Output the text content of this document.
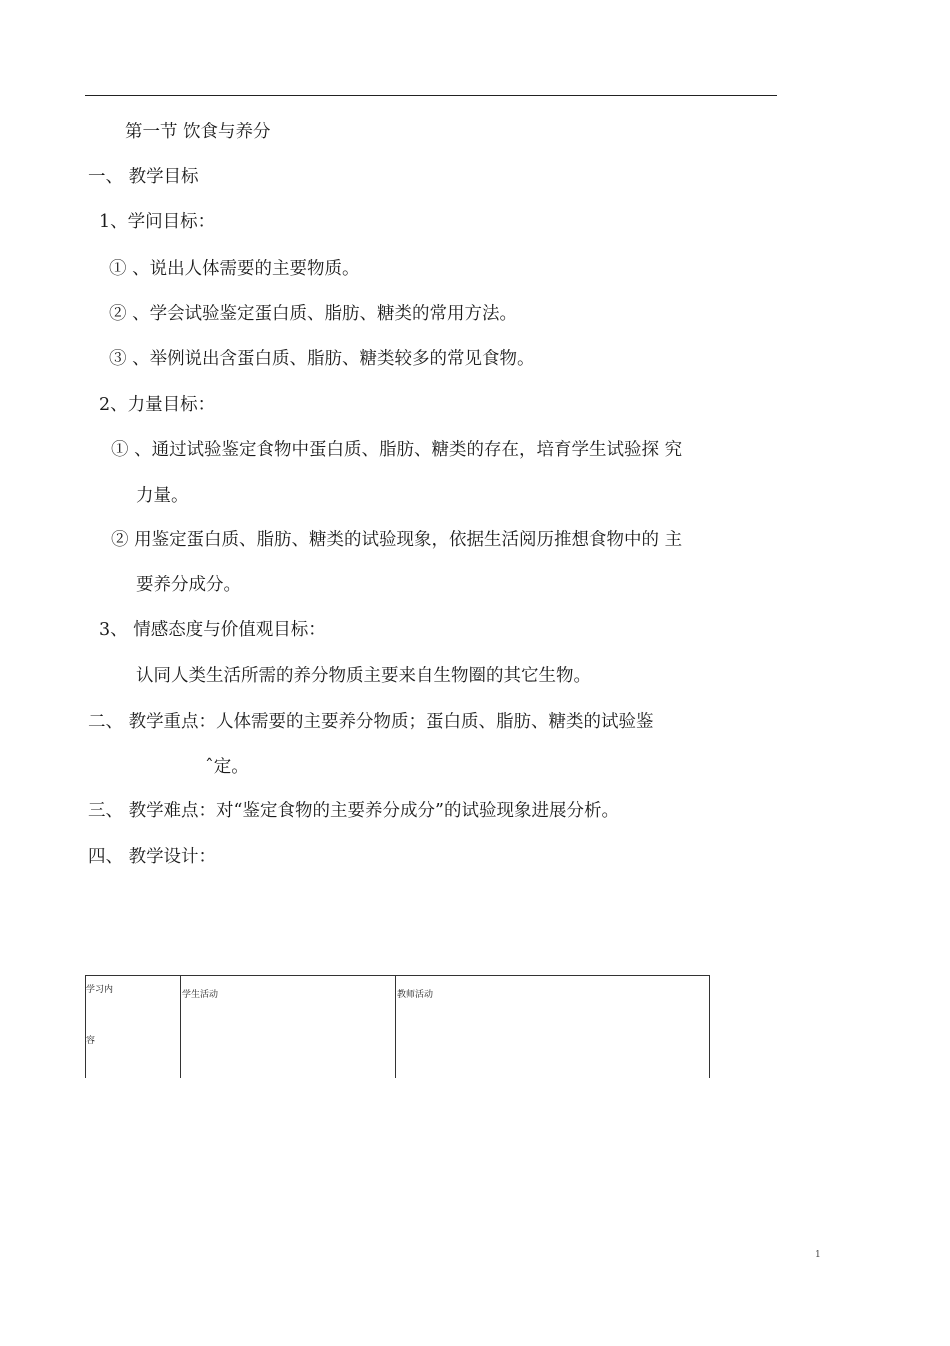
第一节 饮食与养分
一、 教学目标
1、学问目标：
① 、说出人体需要的主要物质。
② 、学会试验鉴定蛋白质、脂肪、糖类的常用方法。
③ 、举例说出含蛋白质、脂肪、糖类较多的常见食物。
2、力量目标：
① 、通过试验鉴定食物中蛋白质、脂肪、糖类的存在，培育学生试验探 究
力量。
② 用鉴定蛋白质、脂肪、糖类的试验现象，依据生活阅历推想食物中的 主
要养分成分。
3、 情感态度与价值观目标：
认同人类生活所需的养分物质主要来自生物圈的其它生物。
二、 教学重点：人体需要的主要养分物质；蛋白质、脂肪、糖类的试验鉴
ˆ定。
三、 教学难点：对“鉴定食物的主要养分成分”的试验现象进展分析。
四、 教学设计：
学习内
容
学生活动	教师活动
1
